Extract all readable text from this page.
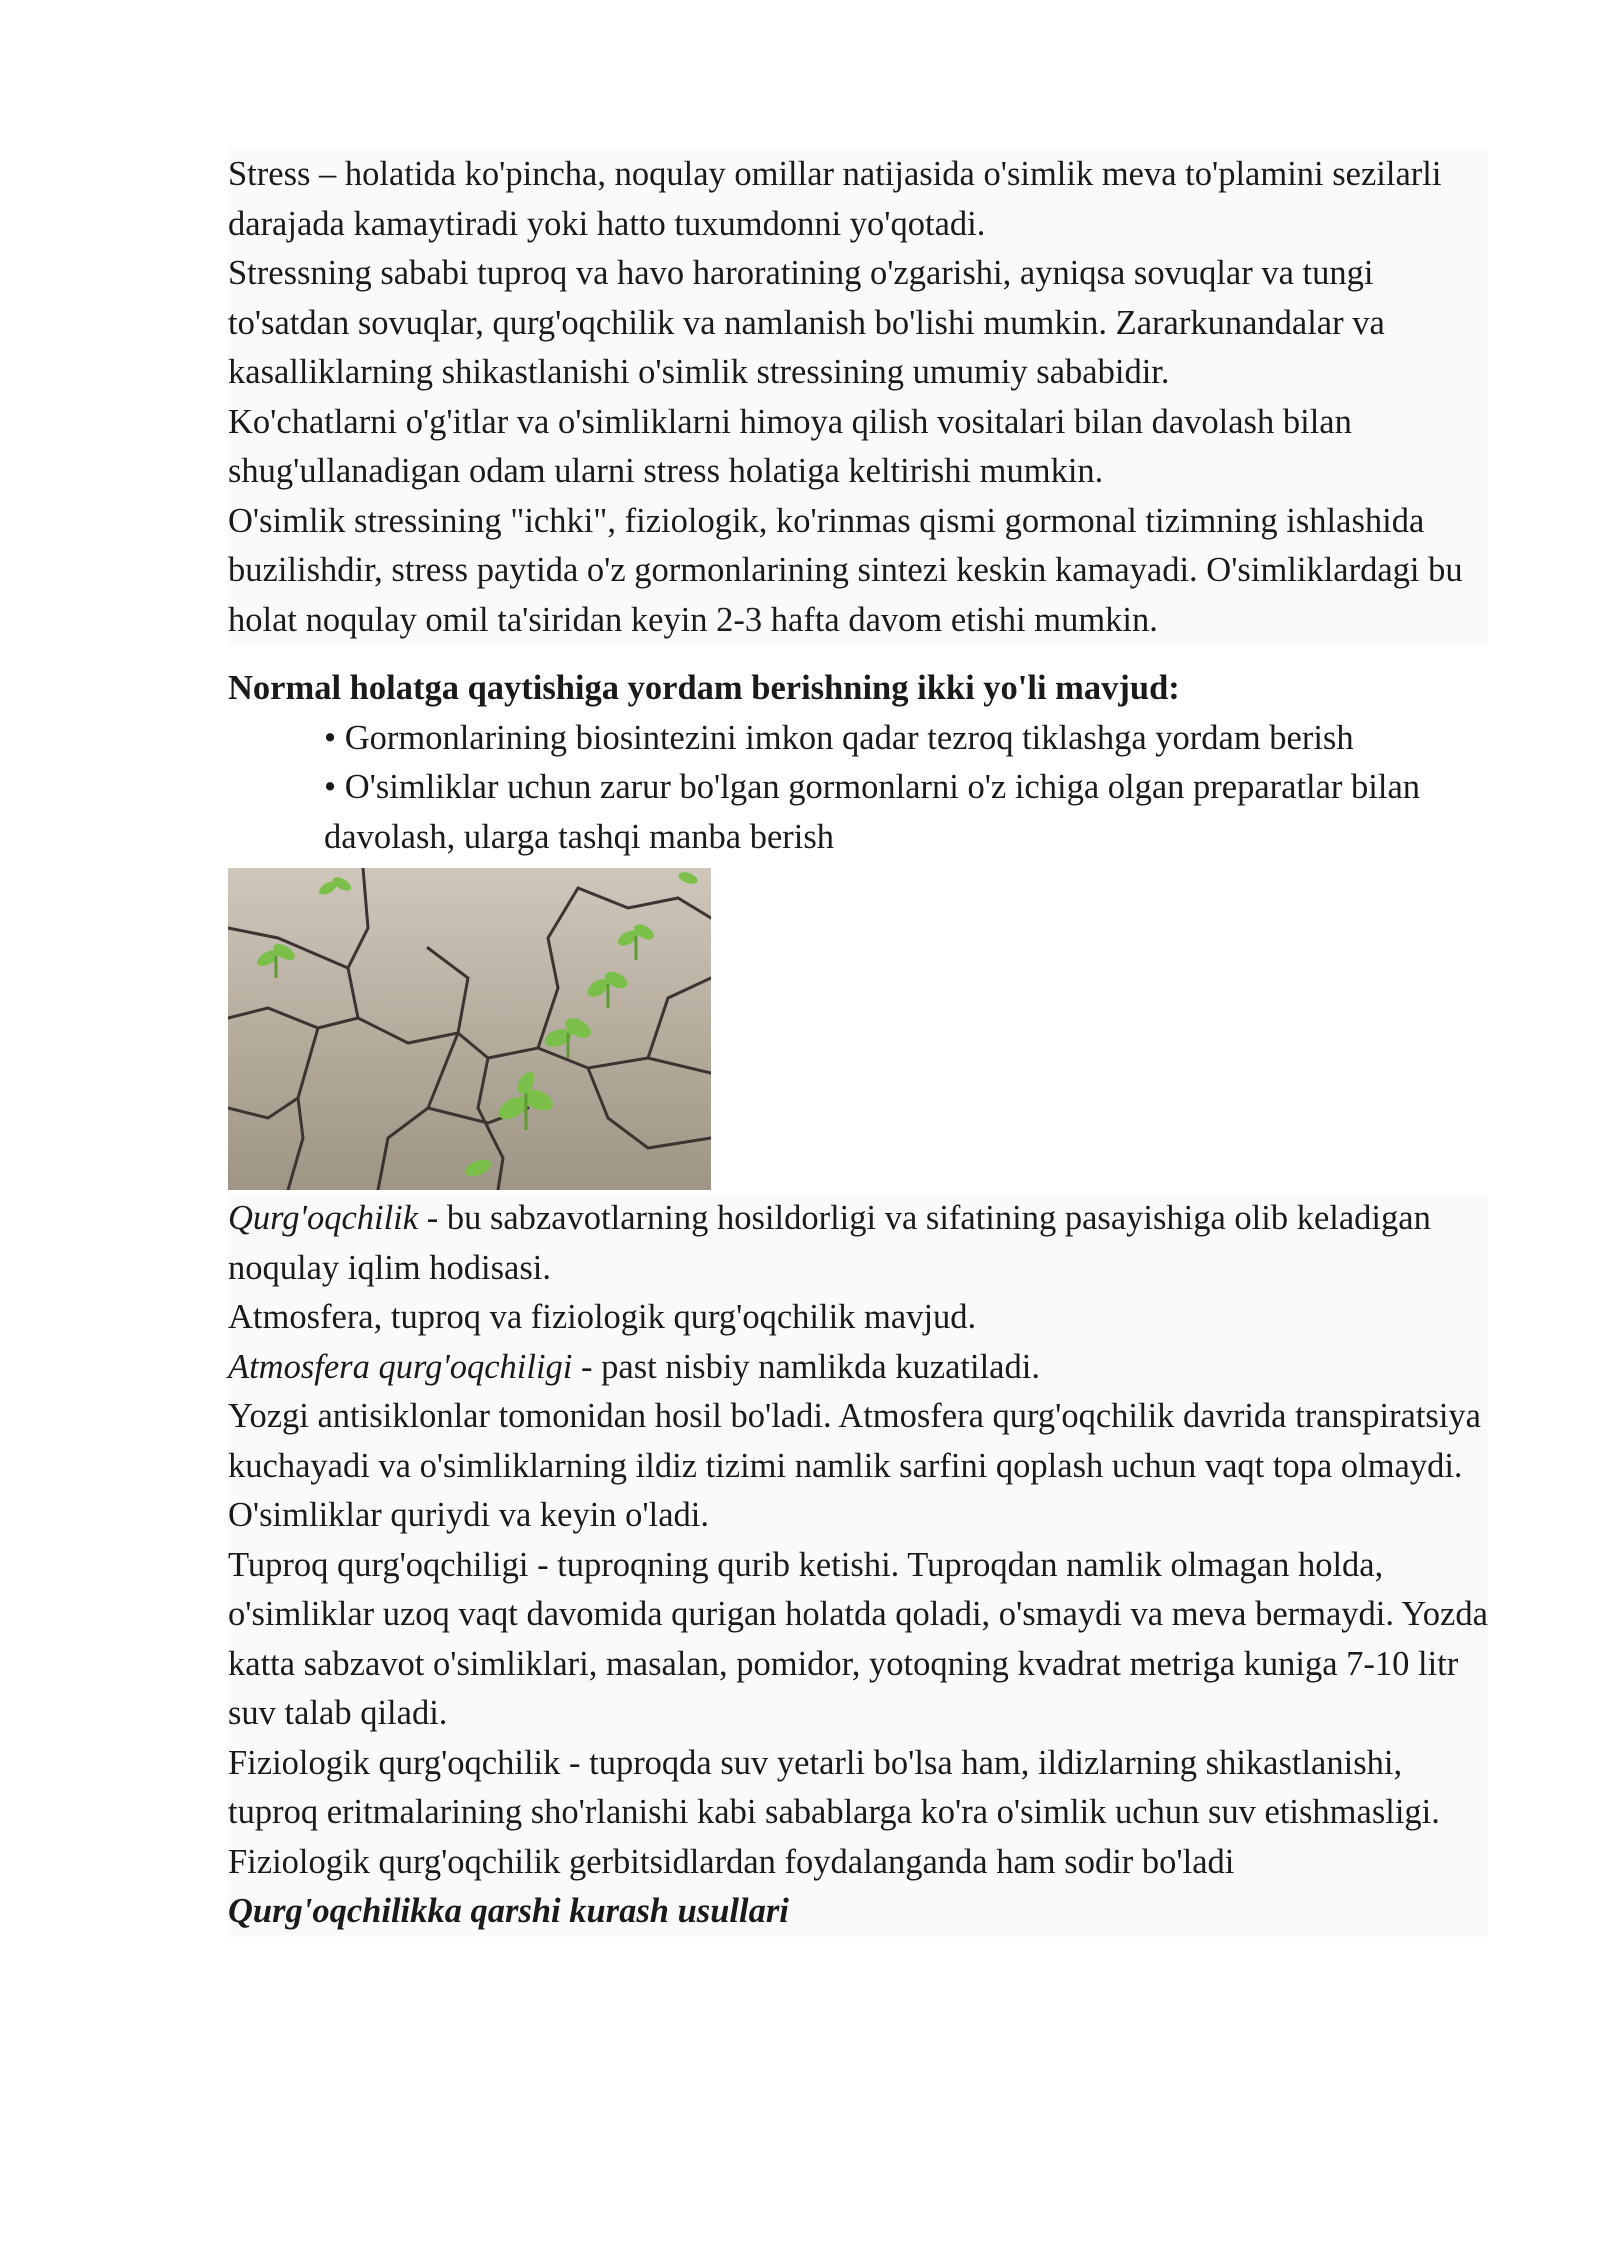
Stress – holatida ko'pincha, noqulay omillar natijasida o'simlik meva to'plamini sezilarli darajada kamaytiradi yoki hatto tuxumdonni yo'qotadi.

Stressning sababi tuproq va havo haroratining o'zgarishi, ayniqsa sovuqlar va tungi to'satdan sovuqlar, qurg'oqchilik va namlanish bo'lishi mumkin. Zararkunandalar va kasalliklarning shikastlanishi o'simlik stressining umumiy sababidir.

Ko'chatlarni o'g'itlar va o'simliklarni himoya qilish vositalari bilan davolash bilan shug'ullanadigan odam ularni stress holatiga keltirishi mumkin.

O'simlik stressining "ichki", fiziologik, ko'rinmas qismi gormonal tizimning ishlashida buzilishdir, stress paytida o'z gormonlarining sintezi keskin kamayadi. O'simliklardagi bu holat noqulay omil ta'siridan keyin 2-3 hafta davom etishi mumkin.

Normal holatga qaytishiga yordam berishning ikki yo'li mavjud:

• Gormonlarining biosintezini imkon qadar tezroq tiklashga yordam berish
• O'simliklar uchun zarur bo'lgan gormonlarni o'z ichiga olgan preparatlar bilan davolash, ularga tashqi manba berish

Qurg'oqchilik - bu sabzavotlarning hosildorligi va sifatining pasayishiga olib keladigan noqulay iqlim hodisasi.

Atmosfera, tuproq va fiziologik qurg'oqchilik mavjud.

Atmosfera qurg'oqchiligi - past nisbiy namlikda kuzatiladi.

Yozgi antisiklonlar tomonidan hosil bo'ladi. Atmosfera qurg'oqchilik davrida transpiratsiya kuchayadi va o'simliklarning ildiz tizimi namlik sarfini qoplash uchun vaqt topa olmaydi. O'simliklar quriydi va keyin o'ladi.

Tuproq qurg'oqchiligi - tuproqning qurib ketishi. Tuproqdan namlik olmagan holda, o'simliklar uzoq vaqt davomida qurigan holatda qoladi, o'smaydi va meva bermaydi. Yozda katta sabzavot o'simliklari, masalan, pomidor, yotoqning kvadrat metriga kuniga 7-10 litr suv talab qiladi.

Fiziologik qurg'oqchilik - tuproqda suv yetarli bo'lsa ham, ildizlarning shikastlanishi, tuproq eritmalarining sho'rlanishi kabi sabablarga ko'ra o'simlik uchun suv etishmasligi. Fiziologik qurg'oqchilik gerbitsidlardan foydalanganda ham sodir bo'ladi

Qurg'oqchilikka qarshi kurash usullari
